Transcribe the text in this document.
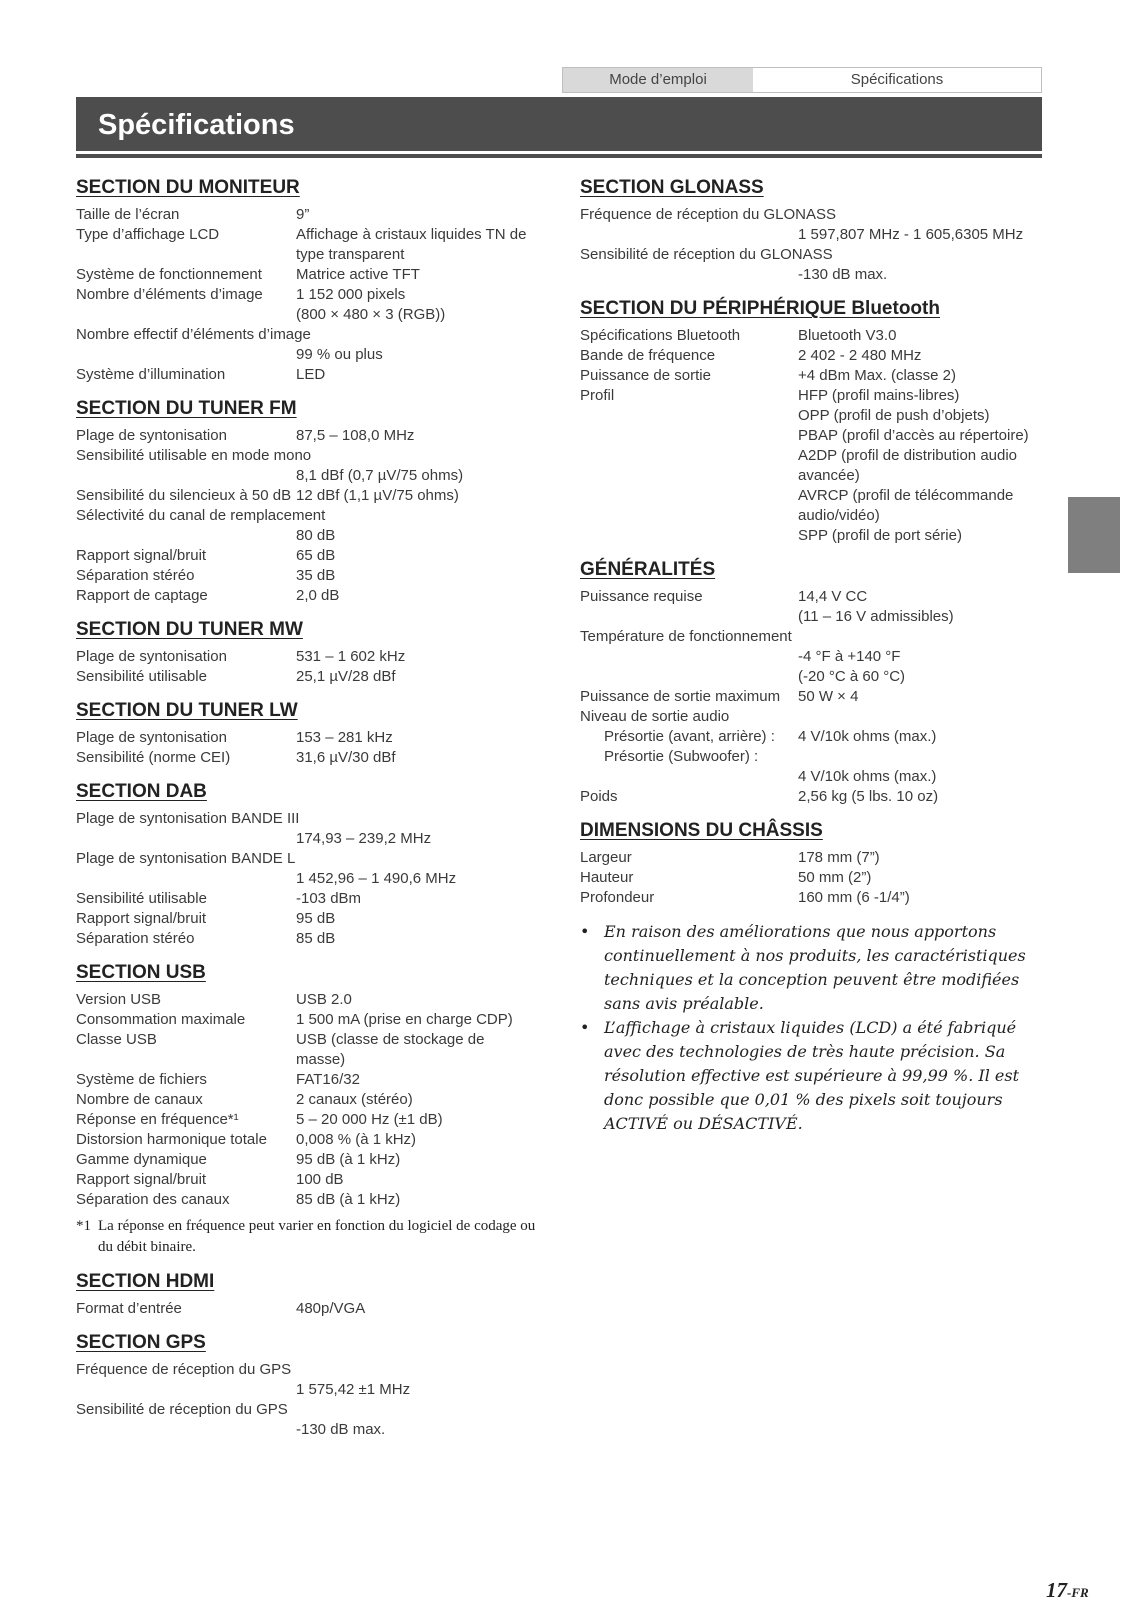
Mode d’emploi	Spécifications
Spécifications
SECTION DU MONITEUR
Taille de l’écran	9”
Type d’affichage LCD	Affichage à cristaux liquides TN de type transparent
Système de fonctionnement	Matrice active TFT
Nombre d’éléments d’image	1 152 000 pixels
(800 × 480 × 3 (RGB))
Nombre effectif d’éléments d’image
99 % ou plus
Système d’illumination	LED
SECTION DU TUNER FM
Plage de syntonisation	87,5 – 108,0 MHz
Sensibilité utilisable en mode mono
8,1 dBf (0,7 µV/75 ohms)
Sensibilité du silencieux à 50 dB 12 dBf (1,1 µV/75 ohms)
Sélectivité du canal de remplacement
80 dB
Rapport signal/bruit	65 dB
Séparation stéréo	35 dB
Rapport de captage	2,0 dB
SECTION DU TUNER MW
Plage de syntonisation	531 – 1 602 kHz
Sensibilité utilisable	25,1 µV/28 dBf
SECTION DU TUNER LW
Plage de syntonisation	153 – 281 kHz
Sensibilité (norme CEI)	31,6 µV/30 dBf
SECTION DAB
Plage de syntonisation BANDE III
174,93 – 239,2 MHz
Plage de syntonisation BANDE L
1 452,96 – 1 490,6 MHz
Sensibilité utilisable	-103 dBm
Rapport signal/bruit	95 dB
Séparation stéréo	85 dB
SECTION USB
Version USB	USB 2.0
Consommation maximale	1 500 mA (prise en charge CDP)
Classe USB	USB (classe de stockage de masse)
Système de fichiers	FAT16/32
Nombre de canaux	2 canaux (stéréo)
Réponse en fréquence*¹	5 – 20 000 Hz (±1 dB)
Distorsion harmonique totale	0,008 % (à 1 kHz)
Gamme dynamique	95 dB (à 1 kHz)
Rapport signal/bruit	100 dB
Séparation des canaux	85 dB (à 1 kHz)
*1 La réponse en fréquence peut varier en fonction du logiciel de codage ou du débit binaire.
SECTION HDMI
Format d’entrée	480p/VGA
SECTION GPS
Fréquence de réception du GPS
1 575,42 ±1 MHz
Sensibilité de réception du GPS
-130 dB max.
SECTION GLONASS
Fréquence de réception du GLONASS
1 597,807 MHz - 1 605,6305 MHz
Sensibilité de réception du GLONASS
-130 dB max.
SECTION DU PÉRIPHÉRIQUE Bluetooth
Spécifications Bluetooth	Bluetooth V3.0
Bande de fréquence	2 402 - 2 480 MHz
Puissance de sortie	+4 dBm Max. (classe 2)
Profil	HFP (profil mains-libres)
OPP (profil de push d’objets)
PBAP (profil d’accès au répertoire)
A2DP (profil de distribution audio avancée)
AVRCP (profil de télécommande audio/vidéo)
SPP (profil de port série)
GÉNÉRALITÉS
Puissance requise	14,4 V CC
(11 – 16 V admissibles)
Température de fonctionnement
-4 °F à +140 °F
(-20 °C à 60 °C)
Puissance de sortie maximum	50 W × 4
Niveau de sortie audio
Présortie (avant, arrière) :	4 V/10k ohms (max.)
Présortie (Subwoofer) :
4 V/10k ohms (max.)
Poids	2,56 kg (5 lbs. 10 oz)
DIMENSIONS DU CHÂSSIS
Largeur	178 mm (7”)
Hauteur	50 mm (2”)
Profondeur	160 mm (6 -1/4”)
• En raison des améliorations que nous apportons continuellement à nos produits, les caractéristiques techniques et la conception peuvent être modifiées sans avis préalable.
• L’affichage à cristaux liquides (LCD) a été fabriqué avec des technologies de très haute précision. Sa résolution effective est supérieure à 99,99 %. Il est donc possible que 0,01 % des pixels soit toujours ACTIVÉ ou DÉSACTIVÉ.
17-FR
